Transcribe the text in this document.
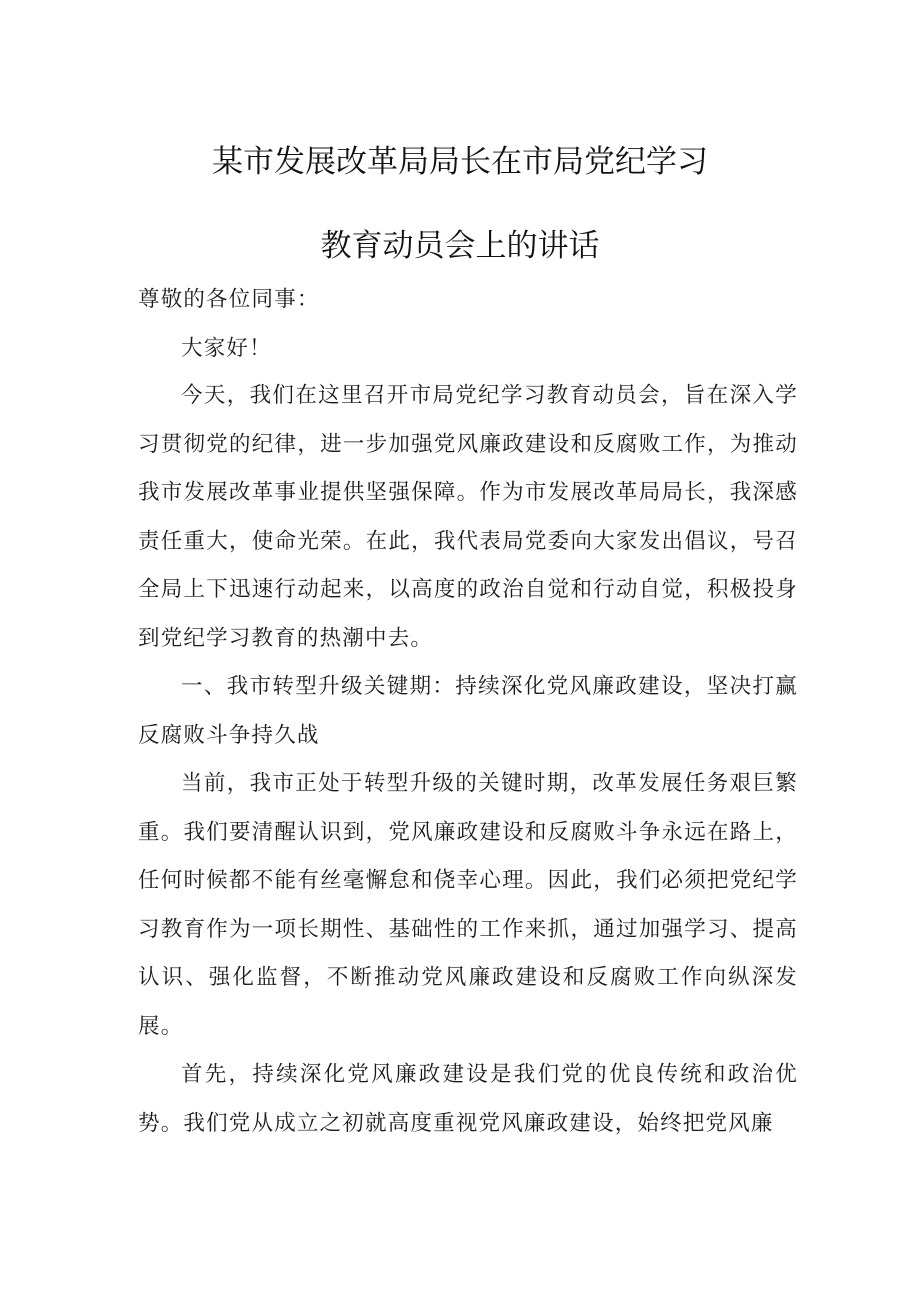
某市发展改革局局长在市局党纪学习
教育动员会上的讲话
尊敬的各位同事：

大家好！

今天，我们在这里召开市局党纪学习教育动员会，旨在深入学习贯彻党的纪律，进一步加强党风廉政建设和反腐败工作，为推动我市发展改革事业提供坚强保障。作为市发展改革局局长，我深感责任重大，使命光荣。在此，我代表局党委向大家发出倡议，号召全局上下迅速行动起来，以高度的政治自觉和行动自觉，积极投身到党纪学习教育的热潮中去。

一、我市转型升级关键期：持续深化党风廉政建设，坚决打赢反腐败斗争持久战

当前，我市正处于转型升级的关键时期，改革发展任务艰巨繁重。我们要清醒认识到，党风廉政建设和反腐败斗争永远在路上，任何时候都不能有丝毫懈怠和侥幸心理。因此，我们必须把党纪学习教育作为一项长期性、基础性的工作来抓，通过加强学习、提高认识、强化监督，不断推动党风廉政建设和反腐败工作向纵深发展。

首先，持续深化党风廉政建设是我们党的优良传统和政治优势。我们党从成立之初就高度重视党风廉政建设，始终把党风廉
